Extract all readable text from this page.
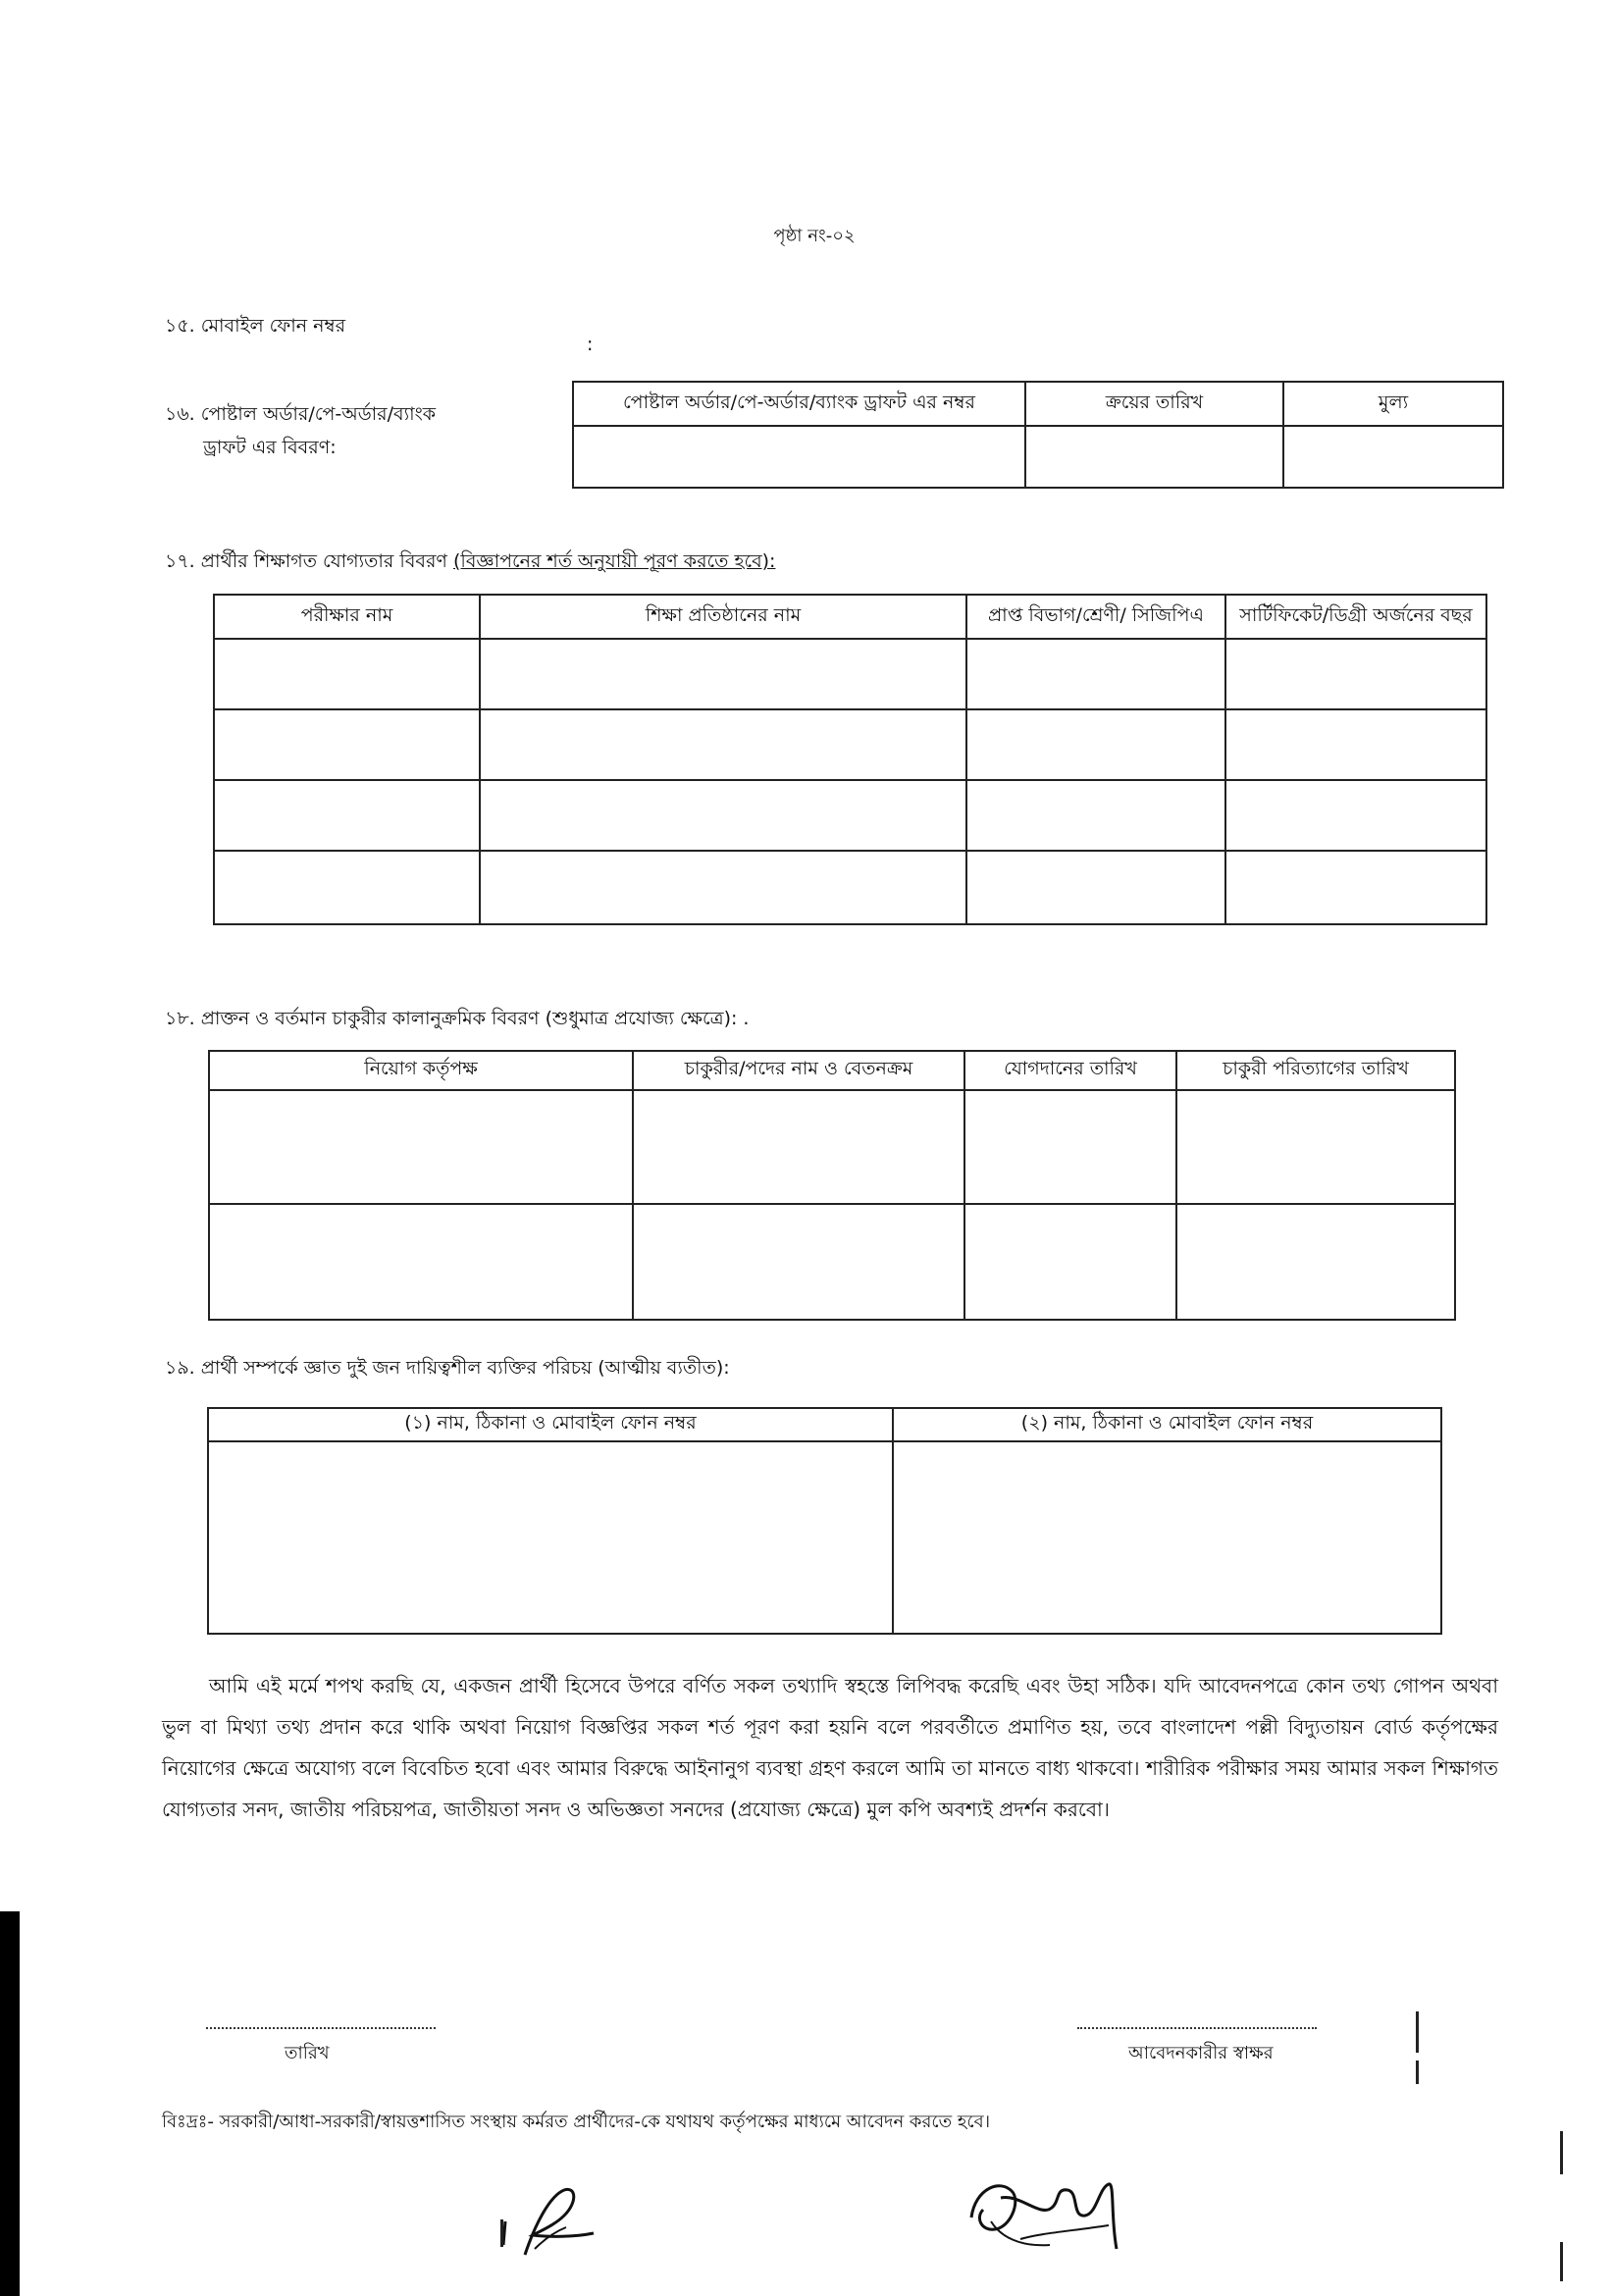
পৃষ্ঠা নং-০২
১৫. মোবাইল ফোন নম্বর
:
১৬. পোষ্টাল অর্ডার/পে-অর্ডার/ব্যাংক
ড্রাফট এর বিবরণ:
পোষ্টাল অর্ডার/পে-অর্ডার/ব্যাংক ড্রাফট এর নম্বর	ক্রয়ের তারিখ	মুল্য

১৭. প্রার্থীর শিক্ষাগত যোগ্যতার বিবরণ (বিজ্ঞাপনের শর্ত অনুযায়ী পূরণ করতে হবে):
পরীক্ষার নাম	শিক্ষা প্রতিষ্ঠানের নাম	প্রাপ্ত বিভাগ/শ্রেণী/ সিজিপিএ	সার্টিফিকেট/ডিগ্রী অর্জনের বছর

১৮. প্রাক্তন ও বর্তমান চাকুরীর কালানুক্রমিক বিবরণ (শুধুমাত্র প্রযোজ্য ক্ষেত্রে): .
নিয়োগ কর্তৃপক্ষ	চাকুরীর/পদের নাম ও বেতনক্রম	যোগদানের তারিখ	চাকুরী পরিত্যাগের তারিখ

১৯. প্রার্থী সম্পর্কে জ্ঞাত দুই জন দায়িত্বশীল ব্যক্তির পরিচয় (আত্মীয় ব্যতীত):
(১) নাম, ঠিকানা ও মোবাইল ফোন নম্বর	(২) নাম, ঠিকানা ও মোবাইল ফোন নম্বর

আমি এই মর্মে শপথ করছি যে, একজন প্রার্থী হিসেবে উপরে বর্ণিত সকল তথ্যাদি স্বহস্তে লিপিবদ্ধ করেছি এবং উহা সঠিক। যদি আবেদনপত্রে কোন তথ্য গোপন অথবা ভুল বা মিথ্যা তথ্য প্রদান করে থাকি অথবা নিয়োগ বিজ্ঞপ্তির সকল শর্ত পূরণ করা হয়নি বলে পরবর্তীতে প্রমাণিত হয়, তবে বাংলাদেশ পল্লী বিদ্যুতায়ন বোর্ড কর্তৃপক্ষের নিয়োগের ক্ষেত্রে অযোগ্য বলে বিবেচিত হবো এবং আমার বিরুদ্ধে আইনানুগ ব্যবস্থা গ্রহণ করলে আমি তা মানতে বাধ্য থাকবো। শারীরিক পরীক্ষার সময় আমার সকল শিক্ষাগত যোগ্যতার সনদ, জাতীয় পরিচয়পত্র, জাতীয়তা সনদ ও অভিজ্ঞতা সনদের (প্রযোজ্য ক্ষেত্রে) মুল কপি অবশ্যই প্রদর্শন করবো।
তারিখ	আবেদনকারীর স্বাক্ষর
বিঃদ্রঃ- সরকারী/আধা-সরকারী/স্বায়ত্তশাসিত সংস্থায় কর্মরত প্রার্থীদের-কে যথাযথ কর্তৃপক্ষের মাধ্যমে আবেদন করতে হবে।
